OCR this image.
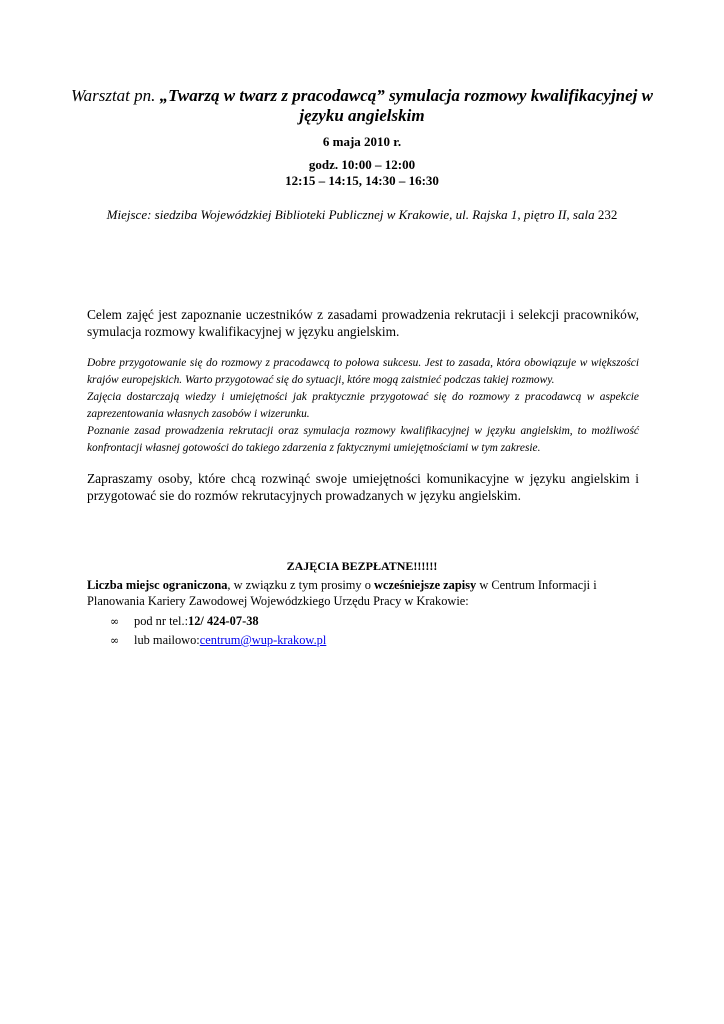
Warsztat pn. „Twarzą w twarz z pracodawcą” symulacja rozmowy kwalifikacyjnej w języku angielskim
6 maja 2010 r.
godz. 10:00 – 12:00
12:15 – 14:15, 14:30 – 16:30
Miejsce: siedziba Wojewódzkiej Biblioteki Publicznej w Krakowie, ul. Rajska 1, piętro II, sala 232
Celem zajęć jest zapoznanie uczestników z zasadami prowadzenia rekrutacji i selekcji pracowników, symulacja rozmowy kwalifikacyjnej w języku angielskim.
Dobre przygotowanie się do rozmowy z pracodawcą to połowa sukcesu. Jest to zasada, która obowiązuje w większości krajów europejskich. Warto przygotować się do sytuacji, które mogą zaistnieć podczas takiej rozmowy.
Zajęcia dostarczają wiedzy i umiejętności jak praktycznie przygotować się do rozmowy z pracodawcą w aspekcie zaprezentowania własnych zasobów i wizerunku.
Poznanie zasad prowadzenia rekrutacji oraz symulacja rozmowy kwalifikacyjnej w języku angielskim, to możliwość konfrontacji własnej gotowości do takiego zdarzenia z faktycznymi umiejętnościami w tym zakresie.
Zapraszamy osoby, które chcą rozwinąć swoje umiejętności komunikacyjne w języku angielskim i przygotować sie do rozmów rekrutacyjnych prowadzanych w języku angielskim.
ZAJĘCIA BEZPŁATNE!!!!!!
Liczba miejsc ograniczona, w związku z tym prosimy o wcześniejsze zapisy w Centrum Informacji i Planowania Kariery Zawodowej Wojewódzkiego Urzędu Pracy w Krakowie:
∞	pod nr tel.: 12/ 424-07-38
∞	lub mailowo: centrum@wup-krakow.pl
